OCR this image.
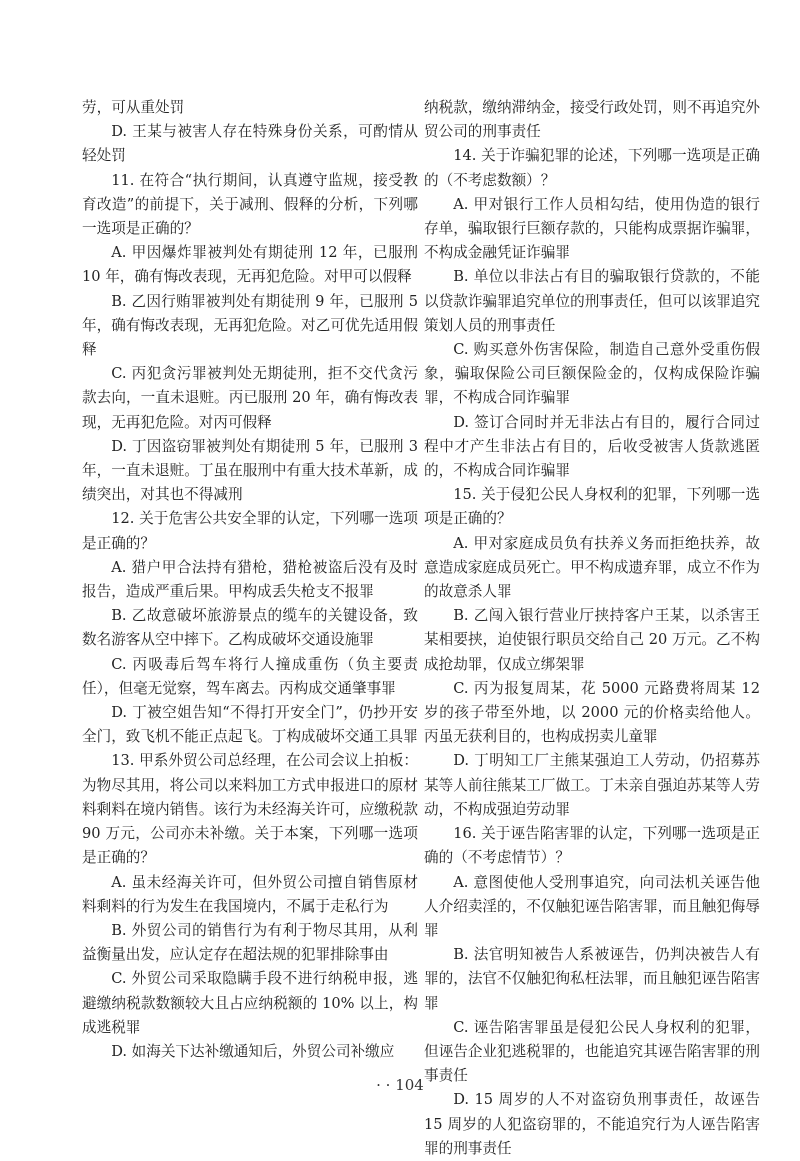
劳，可从重处罚

D. 王某与被害人存在特殊身份关系，可酌情从轻处罚

11. 在符合“执行期间，认真遵守监规，接受教育改造”的前提下，关于减刑、假释的分析，下列哪一选项是正确的？

A. 甲因爆炸罪被判处有期徒刑 12 年，已服刑 10 年，确有悔改表现，无再犯危险。对甲可以假释

B. 乙因行贿罪被判处有期徒刑 9 年，已服刑 5 年，确有悔改表现，无再犯危险。对乙可优先适用假释

C. 丙犯贪污罪被判处无期徒刑，拒不交代贪污款去向，一直未退赃。丙已服刑 20 年，确有悔改表现，无再犯危险。对丙可假释

D. 丁因盗窃罪被判处有期徒刑 5 年，已服刑 3 年，一直未退赃。丁虽在服刑中有重大技术革新，成绩突出，对其也不得减刑

12. 关于危害公共安全罪的认定，下列哪一选项是正确的？

A. 猎户甲合法持有猎枪，猎枪被盗后没有及时报告，造成严重后果。甲构成丢失枪支不报罪

B. 乙故意破坏旅游景点的缆车的关键设备，致数名游客从空中摔下。乙构成破坏交通设施罪

C. 丙吸毒后驾车将行人撞成重伤（负主要责任），但毫无觉察，驾车离去。丙构成交通肇事罪

D. 丁被空姐告知“不得打开安全门”，仍抄开安全门，致飞机不能正点起飞。丁构成破坏交通工具罪

13. 甲系外贸公司总经理，在公司会议上拍板：为物尽其用，将公司以来料加工方式申报进口的原材料剩料在境内销售。该行为未经海关许可，应缴税款 90 万元，公司亦未补缴。关于本案，下列哪一选项是正确的？

A. 虽未经海关许可，但外贸公司擅自销售原材料剩料的行为发生在我国境内，不属于走私行为

B. 外贸公司的销售行为有利于物尽其用，从利益衡量出发，应认定存在超法规的犯罪排除事由

C. 外贸公司采取隐瞒手段不进行纳税申报，逃避缴纳税款数额较大且占应纳税额的 10% 以上，构成逃税罪

D. 如海关下达补缴通知后，外贸公司补缴应

纳税款，缴纳滞纳金，接受行政处罚，则不再追究外贸公司的刑事责任

14. 关于诈骗犯罪的论述，下列哪一选项是正确的（不考虑数额）？

A. 甲对银行工作人员相勾结，使用伪造的银行存单，骗取银行巨额存款的，只能构成票据诈骗罪，不构成金融凭证诈骗罪

B. 单位以非法占有目的骗取银行贷款的，不能以贷款诈骗罪追究单位的刑事责任，但可以该罪追究策划人员的刑事责任

C. 购买意外伤害保险，制造自己意外受重伤假象，骗取保险公司巨额保险金的，仅构成保险诈骗罪，不构成合同诈骗罪

D. 签订合同时并无非法占有目的，履行合同过程中才产生非法占有目的，后收受被害人货款逃匿的，不构成合同诈骗罪

15. 关于侵犯公民人身权利的犯罪，下列哪一选项是正确的？

A. 甲对家庭成员负有扶养义务而拒绝扶养，故意造成家庭成员死亡。甲不构成遗弃罪，成立不作为的故意杀人罪

B. 乙闯入银行营业厅挟持客户王某，以杀害王某相要挟，迫使银行职员交给自己 20 万元。乙不构成抢劫罪，仅成立绑架罪

C. 丙为报复周某，花 5000 元路费将周某 12 岁的孩子带至外地，以 2000 元的价格卖给他人。丙虽无获利目的，也构成拐卖儿童罪

D. 丁明知工厂主熊某强迫工人劳动，仍招募苏某等人前往熊某工厂做工。丁未亲自强迫苏某等人劳动，不构成强迫劳动罪

16. 关于诬告陷害罪的认定，下列哪一选项是正确的（不考虑情节）？

A. 意图使他人受刑事追究，向司法机关诬告他人介绍卖淫的，不仅触犯诬告陷害罪，而且触犯侮辱罪

B. 法官明知被告人系被诬告，仍判决被告人有罪的，法官不仅触犯徇私枉法罪，而且触犯诬告陷害罪

C. 诬告陷害罪虽是侵犯公民人身权利的犯罪，但诬告企业犯逃税罪的，也能追究其诬告陷害罪的刑事责任

D. 15 周岁的人不对盗窃负刑事责任，故诬告 15 周岁的人犯盗窃罪的，不能追究行为人诬告陷害罪的刑事责任

· · 104
